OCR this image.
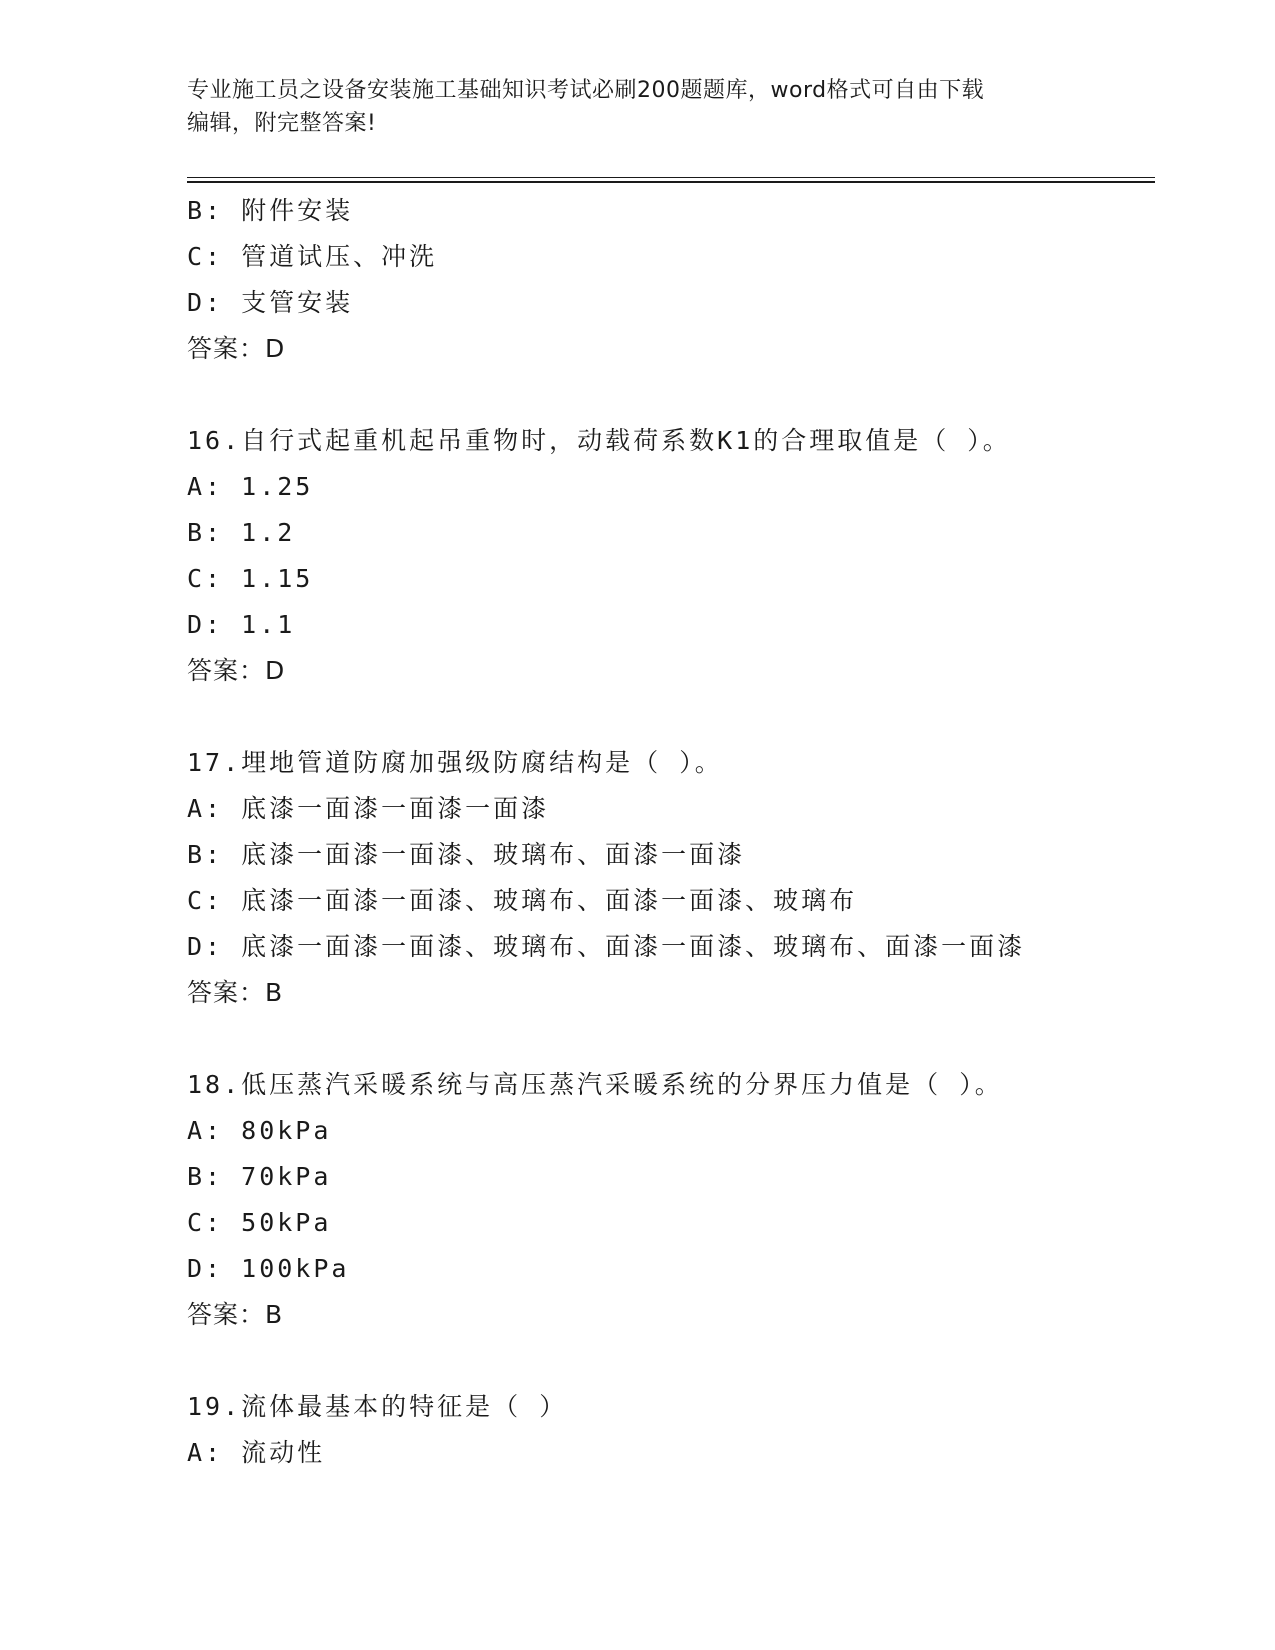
专业施工员之设备安装施工基础知识考试必刷200题题库，word格式可自由下载
编辑，附完整答案!
B: 附件安装
C: 管道试压、冲洗
D: 支管安装
答案：D
16.自行式起重机起吊重物时，动载荷系数K1的合理取值是（ ）。
A: 1.25
B: 1.2
C: 1.15
D: 1.1
答案：D
17.埋地管道防腐加强级防腐结构是（ ）。
A: 底漆一面漆一面漆一面漆
B: 底漆一面漆一面漆、玻璃布、面漆一面漆
C: 底漆一面漆一面漆、玻璃布、面漆一面漆、玻璃布
D: 底漆一面漆一面漆、玻璃布、面漆一面漆、玻璃布、面漆一面漆
答案：B
18.低压蒸汽采暖系统与高压蒸汽采暖系统的分界压力值是（ ）。
A: 80kPa
B: 70kPa
C: 50kPa
D: 100kPa
答案：B
19.流体最基本的特征是（ ）
A: 流动性
